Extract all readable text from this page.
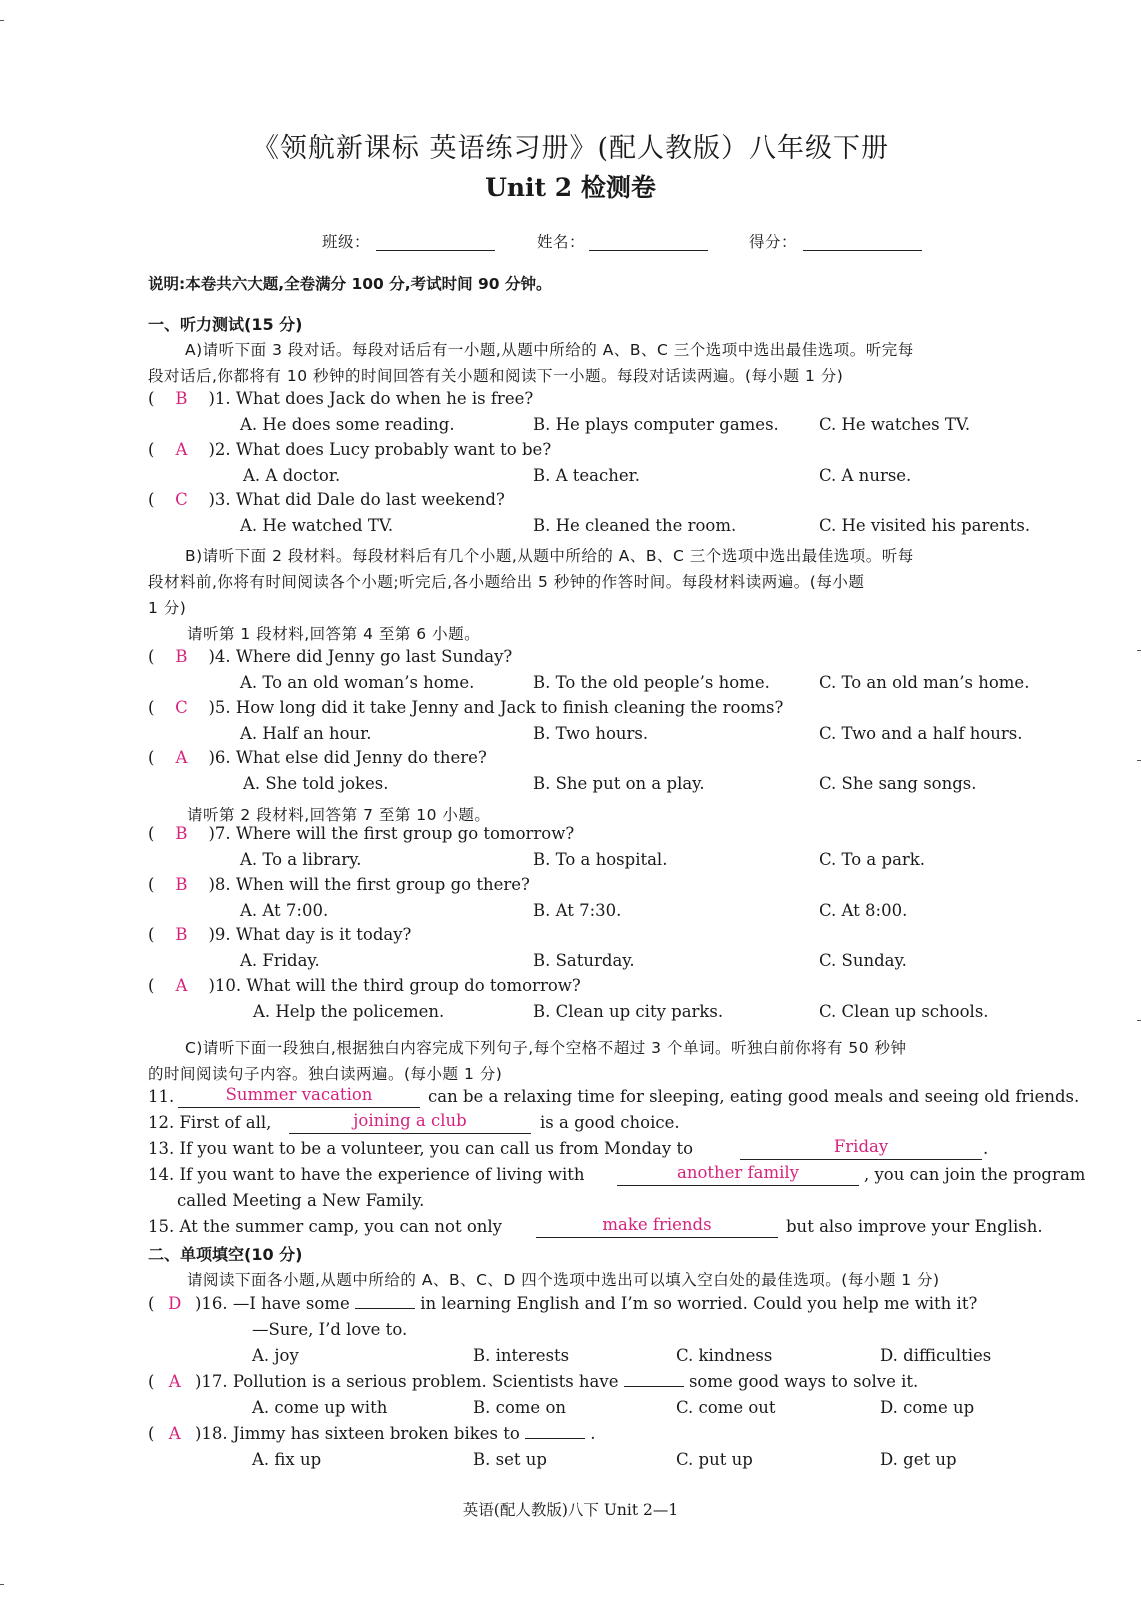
《领航新课标 英语练习册》(配人教版）八年级下册
Unit 2 检测卷
班级：	姓名：	得分：
说明:本卷共六大题,全卷满分 100 分,考试时间 90 分钟。
一、听力测试(15 分)
A)请听下面 3 段对话。每段对话后有一小题,从题中所给的 A、B、C 三个选项中选出最佳选项。听完每
段对话后,你都将有 10 秒钟的时间回答有关小题和阅读下一小题。每段对话读两遍。(每小题 1 分)
B)请听下面 2 段材料。每段材料后有几个小题,从题中所给的 A、B、C 三个选项中选出最佳选项。听每
段材料前,你将有时间阅读各个小题;听完后,各小题给出 5 秒钟的作答时间。每段材料读两遍。(每小题
1 分)
请听第 1 段材料,回答第 4 至第 6 小题。
请听第 2 段材料,回答第 7 至第 10 小题。
C)请听下面一段独白,根据独白内容完成下列句子,每个空格不超过 3 个单词。听独白前你将有 50 秒钟
的时间阅读句子内容。独白读两遍。(每小题 1 分)
11.	Summer vacation	can be a relaxing time for sleeping, eating good meals and seeing old friends.
12. First of all,	joining a club	is a good choice.
13. If you want to be a volunteer, you can call us from Monday to	Friday	.
14. If you want to have the experience of living with	another family	, you can join the program
called Meeting a New Family.
15. At the summer camp, you can not only	make friends	but also improve your English.
二、单项填空(10 分)
请阅读下面各小题,从题中所给的 A、B、C、D 四个选项中选出可以填入空白处的最佳选项。(每小题 1 分)
( D )16. —I have some	in learning English and I’m so worried. Could you help me with it?
—Sure, I’d love to.
A. joy	B. interests	C. kindness	D. difficulties
( A )17. Pollution is a serious problem. Scientists have	some good ways to solve it.
A. come up with	B. come on	C. come out	D. come up
( A )18. Jimmy has sixteen broken bikes to	.
A. fix up	B. set up	C. put up	D. get up
英语(配人教版)八下 Unit 2—1
( B )1. What does Jack do when he is free?
A. He does some reading.	B. He plays computer games. C. He watches TV.
( A )2. What does Lucy probably want to be?
A. A doctor.	B. A teacher.	C. A nurse.
( C )3. What did Dale do last weekend?
A. He watched TV.	B. He cleaned the room.	C. He visited his parents.
( B )4. Where did Jenny go last Sunday?
A. To an old woman’s home.	B. To the old people’s home.	C. To an old man’s home.
( C )5. How long did it take Jenny and Jack to finish cleaning the rooms?
A. Half an hour.	B. Two hours.	C. Two and a half hours.
( A )6. What else did Jenny do there?
A. She told jokes.	B. She put on a play.	C. She sang songs.
( B )7. Where will the first group go tomorrow?
A. To a library.	B. To a hospital.	C. To a park.
( B )8. When will the first group go there?
A. At 7:00.	B. At 7:30.	C. At 8:00.
( B )9. What day is it today?
A. Friday.	B. Saturday.	C. Sunday.
( A )10. What will the third group do tomorrow?
A. Help the policemen.	B. Clean up city parks.	C. Clean up schools.
